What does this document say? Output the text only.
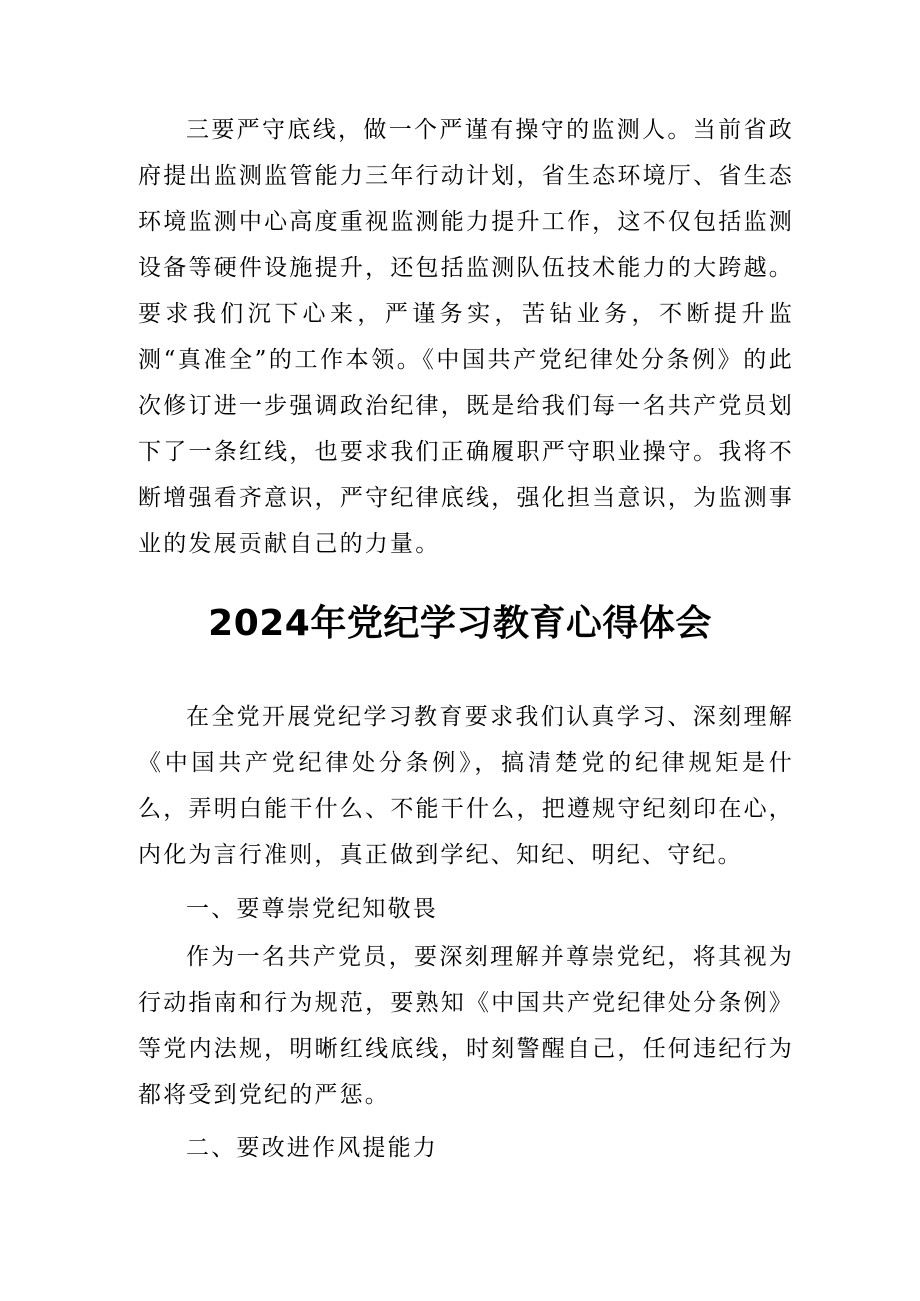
三要严守底线，做一个严谨有操守的监测人。当前省政府提出监测监管能力三年行动计划，省生态环境厅、省生态环境监测中心高度重视监测能力提升工作，这不仅包括监测设备等硬件设施提升，还包括监测队伍技术能力的大跨越。要求我们沉下心来，严谨务实，苦钻业务，不断提升监测“真准全”的工作本领。《中国共产党纪律处分条例》的此次修订进一步强调政治纪律，既是给我们每一名共产党员划下了一条红线，也要求我们正确履职严守职业操守。我将不断增强看齐意识，严守纪律底线，强化担当意识，为监测事业的发展贡献自己的力量。

2024年党纪学习教育心得体会

在全党开展党纪学习教育要求我们认真学习、深刻理解《中国共产党纪律处分条例》，搞清楚党的纪律规矩是什么，弄明白能干什么、不能干什么，把遵规守纪刻印在心，内化为言行准则，真正做到学纪、知纪、明纪、守纪。

一、要尊崇党纪知敬畏

作为一名共产党员，要深刻理解并尊崇党纪，将其视为行动指南和行为规范，要熟知《中国共产党纪律处分条例》等党内法规，明晰红线底线，时刻警醒自己，任何违纪行为都将受到党纪的严惩。

二、要改进作风提能力
